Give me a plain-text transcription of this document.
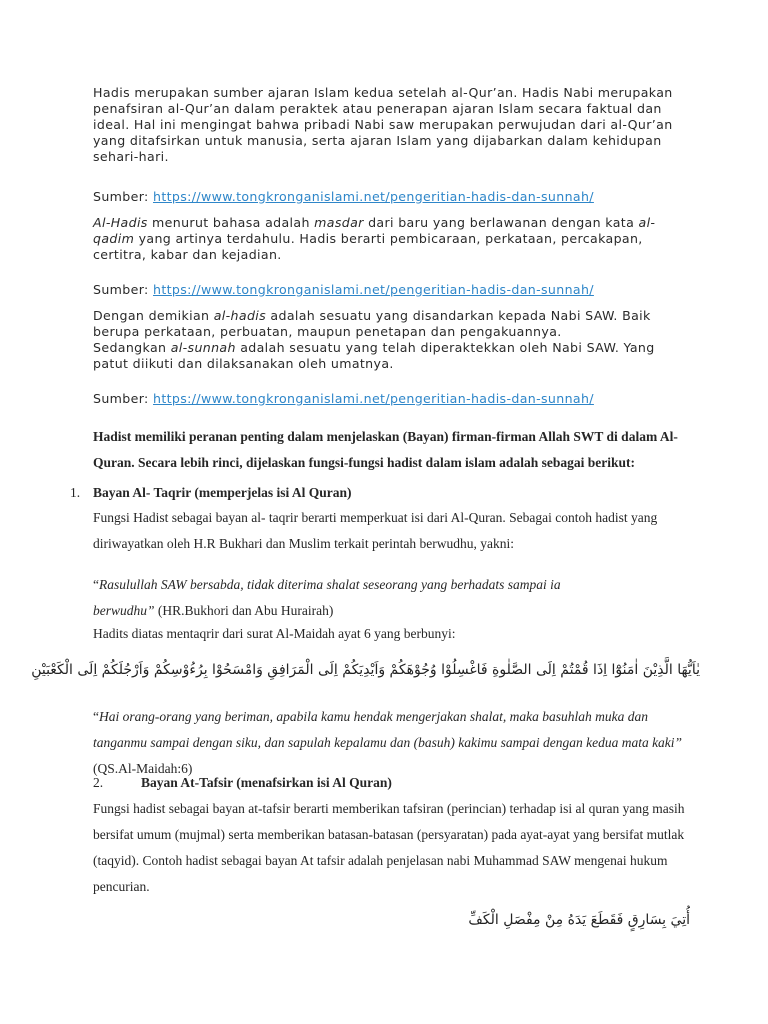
Hadis merupakan sumber ajaran Islam kedua setelah al-Qur’an. Hadis Nabi merupakan penafsiran al-Qur’an dalam peraktek atau penerapan ajaran Islam secara faktual dan ideal. Hal ini mengingat bahwa pribadi Nabi saw merupakan perwujudan dari al-Qur’an yang ditafsirkan untuk manusia, serta ajaran Islam yang dijabarkan dalam kehidupan sehari-hari.

Sumber: https://www.tongkronganislami.net/pengeritian-hadis-dan-sunnah/

Al-Hadis menurut bahasa adalah masdar dari baru yang berlawanan dengan kata al-qadim yang artinya terdahulu. Hadis berarti pembicaraan, perkataan, percakapan, certitra, kabar dan kejadian.

Sumber: https://www.tongkronganislami.net/pengeritian-hadis-dan-sunnah/

Dengan demikian al-hadis adalah sesuatu yang disandarkan kepada Nabi SAW. Baik berupa perkataan, perbuatan, maupun penetapan dan pengakuannya.
Sedangkan al-sunnah adalah sesuatu yang telah diperaktekkan oleh Nabi SAW. Yang patut diikuti dan dilaksanakan oleh umatnya.

Sumber: https://www.tongkronganislami.net/pengeritian-hadis-dan-sunnah/

Hadist memiliki peranan penting dalam menjelaskan (Bayan) firman-firman Allah SWT di dalam Al-Quran. Secara lebih rinci, dijelaskan fungsi-fungsi hadist dalam islam adalah sebagai berikut:

1. Bayan Al- Taqrir (memperjelas isi Al Quran)

Fungsi Hadist sebagai bayan al- taqrir berarti memperkuat isi dari Al-Quran. Sebagai contoh hadist yang diriwayatkan oleh H.R Bukhari dan Muslim terkait perintah berwudhu, yakni:

“Rasulullah SAW bersabda, tidak diterima shalat seseorang yang berhadats sampai ia berwudhu” (HR.Bukhori dan Abu Hurairah)

Hadits diatas mentaqrir dari surat Al-Maidah ayat 6 yang berbunyi:

يٰاَيُّهَا الَّذِيْنَ اٰمَنُوْٓا اِذَا قُمْتُمْ اِلَى الصَّلٰوةِ فَاغْسِلُوْا وُجُوْهَكُمْ وَاَيْدِيَكُمْ اِلَى الْمَرَافِقِ وَامْسَحُوْا بِرُءُوْسِكُمْ وَاَرْجُلَكُمْ اِلَى الْكَعْبَيْنِ

“Hai orang-orang yang beriman, apabila kamu hendak mengerjakan shalat, maka basuhlah muka dan tanganmu sampai dengan siku, dan sapulah kepalamu dan (basuh) kakimu sampai dengan kedua mata kaki” (QS.Al-Maidah:6)

2.	Bayan At-Tafsir (menafsirkan isi Al Quran)

Fungsi hadist sebagai bayan at-tafsir berarti memberikan tafsiran (perincian) terhadap isi al quran yang masih bersifat umum (mujmal) serta memberikan batasan-batasan (persyaratan) pada ayat-ayat yang bersifat mutlak (taqyid). Contoh hadist sebagai bayan At tafsir adalah penjelasan nabi Muhammad SAW mengenai hukum pencurian.

أُتِيَ بِسَارِقٍ فَقَطَعَ يَدَهُ مِنْ مِفْصَلِ الْكَفِّ
